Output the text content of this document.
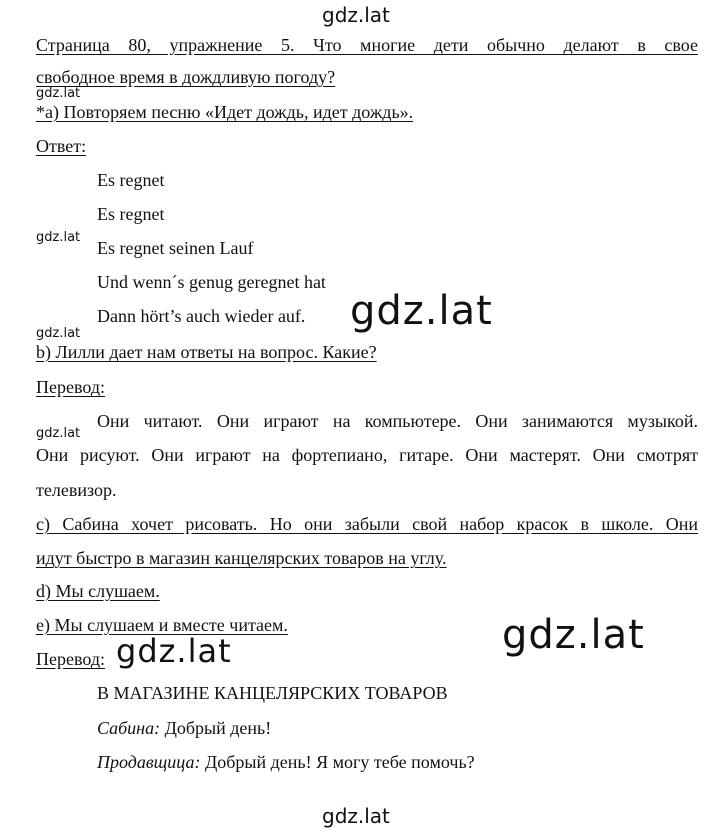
gdz.lat
gdz.lat
gdz.lat
gdz.lat
gdz.lat
gdz.lat
gdz.lat
gdz.lat
gdz.lat
Страница 80, упражнение 5. Что многие дети обычно делают в свое
свободное время в дождливую погоду?
*a) Повторяем песню «Идет дождь, идет дождь».
Ответ:
Es regnet
Es regnet
Es regnet seinen Lauf
Und wenn´s genug geregnet hat
Dann hört’s auch wieder auf.
b) Лилли дает нам ответы на вопрос. Какие?
Перевод:
Они читают. Они играют на компьютере. Они занимаются музыкой.
Они рисуют. Они играют на фортепиано, гитаре. Они мастерят. Они смотрят
телевизор.
c) Сабина хочет рисовать. Но они забыли свой набор красок в школе. Они
идут быстро в магазин канцелярских товаров на углу.
d) Мы слушаем.
e) Мы слушаем и вместе читаем.
Перевод:
В МАГАЗИНЕ КАНЦЕЛЯРСКИХ ТОВАРОВ
Сабина: Добрый день!
Продавщица: Добрый день! Я могу тебе помочь?
